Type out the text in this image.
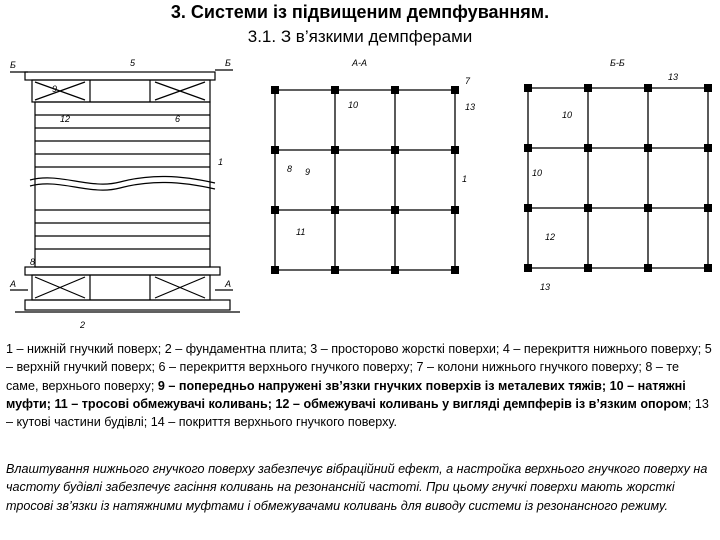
3. Системи із підвищеним демпфуванням.
3.1. З в’язкими демпферами
Б	Б
А	А
5
9
6
12
1
8
2
А-А
7
10	13
8 9
1
11
Б-Б
13
10
10
12
13
1 – нижній гнучкий поверх; 2 – фундаментна плита; 3 – просторово жорсткі поверхи; 4 – перекриття нижнього поверху; 5 – верхній гнучкий поверх; 6 – перекриття верхнього гнучкого поверху; 7 – колони нижнього гнучкого поверху; 8 – те саме, верхнього поверху; 9 – попередньо напружені зв’язки гнучких поверхів із металевих тяжів; 10 – натяжні муфти; 11 – тросові обмежувачі коливань; 12 – обмежувачі коливань у вигляді демпферів із в’язким опором; 13 – кутові частини будівлі; 14 – покриття верхнього гнучкого поверху.
Влаштування нижнього гнучкого поверху забезпечує вібраційний ефект, а настройка верхнього гнучкого поверху на частоту будівлі забезпечує гасіння коливань на резонансній частоті. При цьому гнучкі поверхи мають жорсткі тросові зв’язки із натяжними муфтами і обмежувачами коливань для виводу системи із резонансного режиму.
